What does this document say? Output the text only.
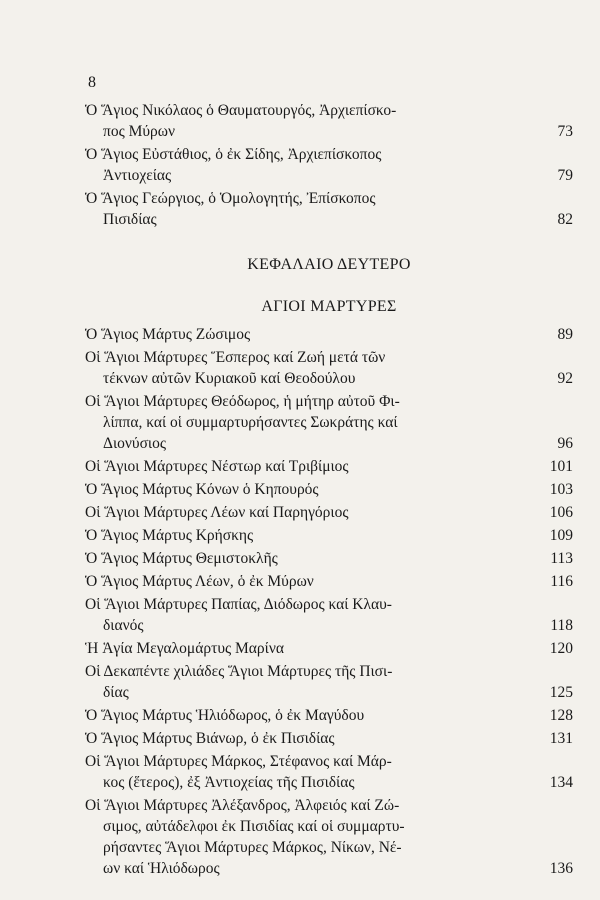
8
Ὁ Ἅγιος Νικόλαος ὁ Θαυματουργός, Ἀρχιεπίσκο-
πος Μύρων	73
Ὁ Ἅγιος Εὐστάθιος, ὁ ἐκ Σίδης, Ἀρχιεπίσκοπος
Ἀντιοχείας	79
Ὁ Ἅγιος Γεώργιος, ὁ Ὁμολογητής, Ἐπίσκοπος
Πισιδίας	82
ΚΕΦΑΛΑΙΟ ΔΕΥΤΕΡΟ
ΑΓΙΟΙ ΜΑΡΤΥΡΕΣ
Ὁ Ἅγιος Μάρτυς Ζώσιμος	89
Οἱ Ἅγιοι Μάρτυρες Ἕσπερος καί Ζωή μετά τῶν
τέκνων αὐτῶν Κυριακοῦ καί Θεοδούλου	92
Οἱ Ἅγιοι Μάρτυρες Θεόδωρος, ἡ μήτηρ αὐτοῦ Φι-
λίππα, καί οἱ συμμαρτυρήσαντες Σωκράτης καί
Διονύσιος	96
Οἱ Ἅγιοι Μάρτυρες Νέστωρ καί Τριβίμιος	101
Ὁ Ἅγιος Μάρτυς Κόνων ὁ Κηπουρός	103
Οἱ Ἅγιοι Μάρτυρες Λέων καί Παρηγόριος	106
Ὁ Ἅγιος Μάρτυς Κρήσκης	109
Ὁ Ἅγιος Μάρτυς Θεμιστοκλῆς	113
Ὁ Ἅγιος Μάρτυς Λέων, ὁ ἐκ Μύρων	116
Οἱ Ἅγιοι Μάρτυρες Παπίας, Διόδωρος καί Κλαυ-
διανός	118
Ἡ Ἁγία Μεγαλομάρτυς Μαρίνα	120
Οἱ Δεκαπέντε χιλιάδες Ἅγιοι Μάρτυρες τῆς Πισι-
δίας	125
Ὁ Ἅγιος Μάρτυς Ἡλιόδωρος, ὁ ἐκ Μαγύδου	128
Ὁ Ἅγιος Μάρτυς Βιάνωρ, ὁ ἐκ Πισιδίας	131
Οἱ Ἅγιοι Μάρτυρες Μάρκος, Στέφανος καί Μάρ-
κος (ἕτερος), ἐξ Ἀντιοχείας τῆς Πισιδίας	134
Οἱ Ἅγιοι Μάρτυρες Ἀλέξανδρος, Ἀλφειός καί Ζώ-
σιμος, αὐτάδελφοι ἐκ Πισιδίας καί οἱ συμμαρτυ-
ρήσαντες Ἅγιοι Μάρτυρες Μάρκος, Νίκων, Νέ-
ων καί Ἡλιόδωρος	136
